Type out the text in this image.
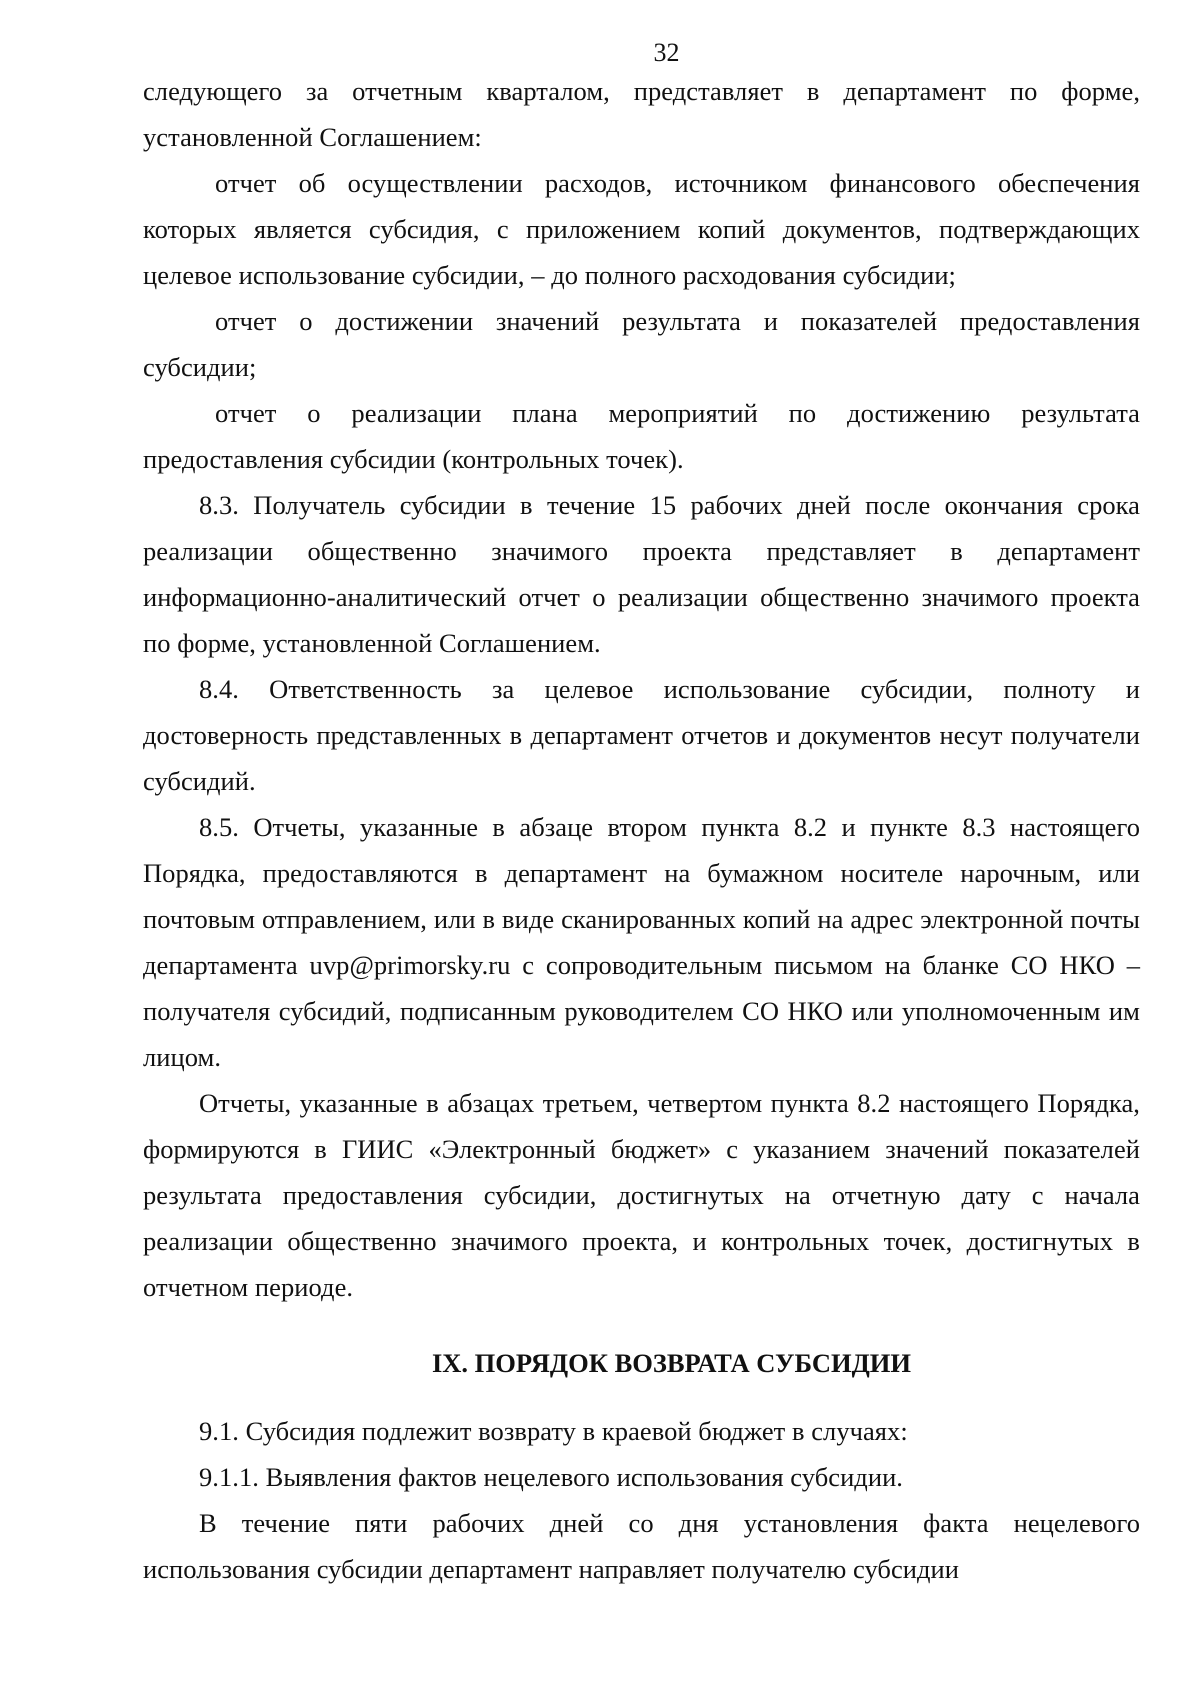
32

следующего за отчетным кварталом, представляет в департамент по форме, установленной Соглашением:

отчет об осуществлении расходов, источником финансового обеспечения которых является субсидия, с приложением копий документов, подтверждающих целевое использование субсидии, – до полного расходования субсидии;

отчет о достижении значений результата и показателей предоставления субсидии;

отчет о реализации плана мероприятий по достижению результата предоставления субсидии (контрольных точек).

8.3. Получатель субсидии в течение 15 рабочих дней после окончания срока реализации общественно значимого проекта представляет в департамент информационно-аналитический отчет о реализации общественно значимого проекта по форме, установленной Соглашением.

8.4. Ответственность за целевое использование субсидии, полноту и достоверность представленных в департамент отчетов и документов несут получатели субсидий.

8.5. Отчеты, указанные в абзаце втором пункта 8.2 и пункте 8.3 настоящего Порядка, предоставляются в департамент на бумажном носителе нарочным, или почтовым отправлением, или в виде сканированных копий на адрес электронной почты департамента uvp@primorsky.ru с сопроводительным письмом на бланке СО НКО – получателя субсидий, подписанным руководителем СО НКО или уполномоченным им лицом.

Отчеты, указанные в абзацах третьем, четвертом пункта 8.2 настоящего Порядка, формируются в ГИИС «Электронный бюджет» с указанием значений показателей результата предоставления субсидии, достигнутых на отчетную дату с начала реализации общественно значимого проекта, и контрольных точек, достигнутых в отчетном периоде.

IX. ПОРЯДОК ВОЗВРАТА СУБСИДИИ

9.1. Субсидия подлежит возврату в краевой бюджет в случаях:

9.1.1. Выявления фактов нецелевого использования субсидии.

В течение пяти рабочих дней со дня установления факта нецелевого использования субсидии департамент направляет получателю субсидии
